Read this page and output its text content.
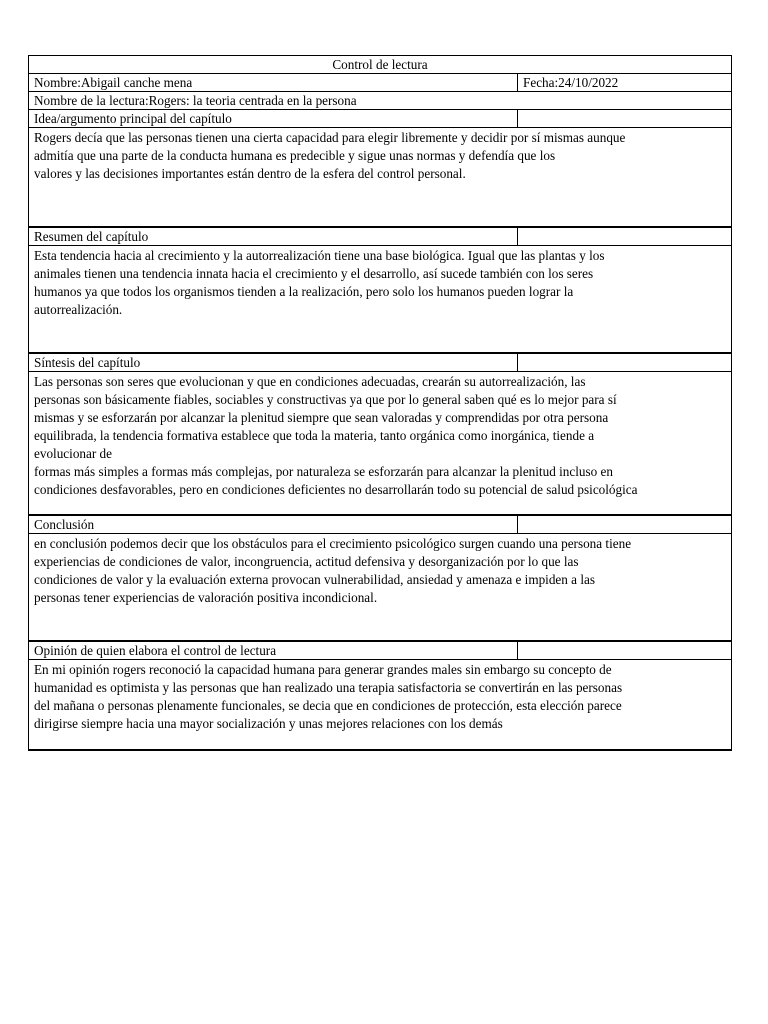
Control de lectura
Nombre:Abigail canche mena	Fecha:24/10/2022
Nombre de la lectura:Rogers: la teoria centrada en la persona
Idea/argumento principal del capítulo
Rogers decía que las personas tienen una cierta capacidad para elegir libremente y decidir por sí mismas aunque
admitía que una parte de la conducta humana es predecible y sigue unas normas y defendía que los
valores y las decisiones importantes están dentro de la esfera del control personal.
Resumen del capítulo
Esta tendencia hacia al crecimiento y la autorrealización tiene una base biológica. Igual que las plantas y los
animales tienen una tendencia innata hacia el crecimiento y el desarrollo, así sucede también con los seres
humanos ya que todos los organismos tienden a la realización, pero solo los humanos pueden lograr la
autorrealización.
Síntesis del capítulo
Las personas son seres que evolucionan y que en condiciones adecuadas, crearán su autorrealización, las
personas son básicamente fiables, sociables y constructivas ya que por lo general saben qué es lo mejor para sí
mismas y se esforzarán por alcanzar la plenitud siempre que sean valoradas y comprendidas por otra persona
equilibrada, la tendencia formativa establece que toda la materia, tanto orgánica como inorgánica, tiende a
evolucionar de
formas más simples a formas más complejas, por naturaleza se esforzarán para alcanzar la plenitud incluso en
condiciones desfavorables, pero en condiciones deficientes no desarrollarán todo su potencial de salud psicológica
Conclusión
en conclusión podemos decir que los obstáculos para el crecimiento psicológico surgen cuando una persona tiene
experiencias de condiciones de valor, incongruencia, actitud defensiva y desorganización por lo que las
condiciones de valor y la evaluación externa provocan vulnerabilidad, ansiedad y amenaza e impiden a las
personas tener experiencias de valoración positiva incondicional.
Opinión de quien elabora el control de lectura
En mi opinión rogers reconoció la capacidad humana para generar grandes males sin embargo su concepto de
humanidad es optimista y las personas que han realizado una terapia satisfactoria se convertirán en las personas
del mañana o personas plenamente funcionales, se decia que en condiciones de protección, esta elección parece
dirigirse siempre hacia una mayor socialización y unas mejores relaciones con los demás
